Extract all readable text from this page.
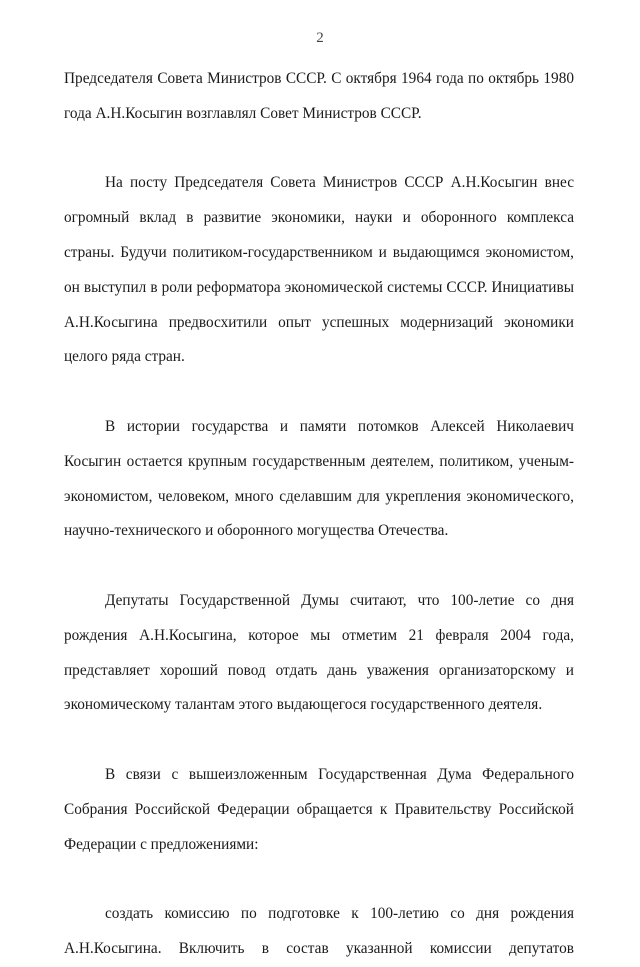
2
Председателя Совета Министров СССР. С октября 1964 года по октябрь 1980
года А.Н.Косыгин возглавлял Совет Министров СССР.
На посту Председателя Совета Министров СССР А.Н.Косыгин внес
огромный вклад в развитие экономики, науки и оборонного комплекса
страны. Будучи политиком-государственником и выдающимся экономистом,
он выступил в роли реформатора экономической системы СССР. Инициативы
А.Н.Косыгина предвосхитили опыт успешных модернизаций экономики
целого ряда стран.
В истории государства и памяти потомков Алексей Николаевич
Косыгин остается крупным государственным деятелем, политиком, ученым-
экономистом, человеком, много сделавшим для укрепления экономического,
научно-технического и оборонного могущества Отечества.
Депутаты Государственной Думы считают, что 100-летие со дня
рождения А.Н.Косыгина, которое мы отметим 21 февраля 2004 года,
представляет хороший повод отдать дань уважения организаторскому и
экономическому талантам этого выдающегося государственного деятеля.
В связи с вышеизложенным Государственная Дума Федерального
Собрания Российской Федерации обращается к Правительству Российской
Федерации с предложениями:
создать комиссию по подготовке к 100-летию со дня рождения
А.Н.Косыгина. Включить в состав указанной комиссии депутатов
